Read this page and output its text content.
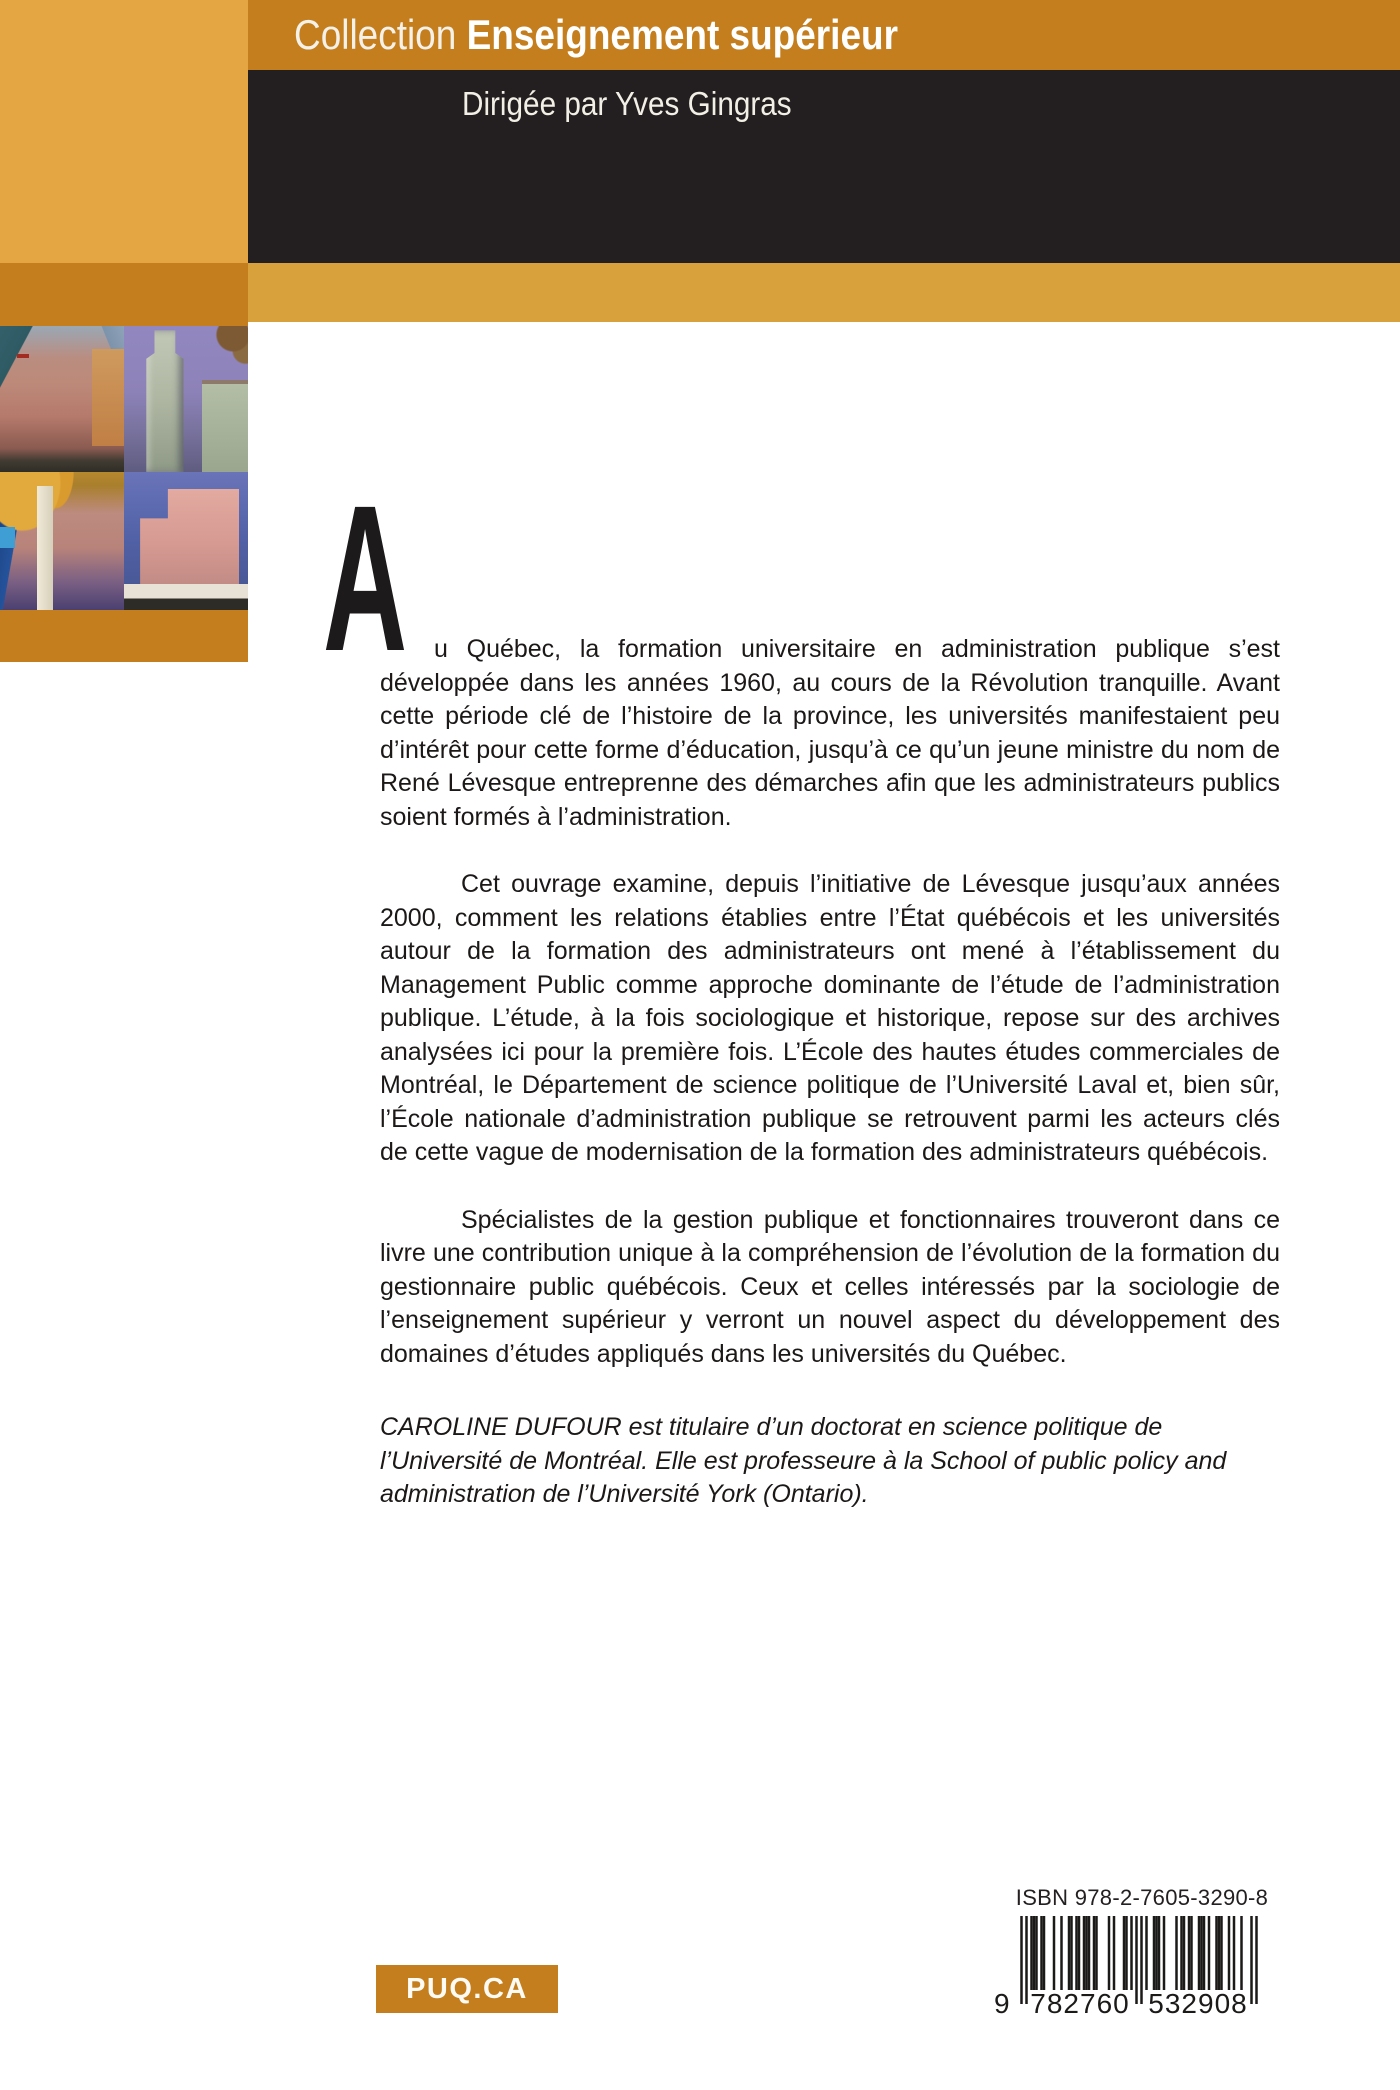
Collection Enseignement supérieur
Dirigée par Yves Gingras
A	u Québec, la formation universitaire en administration publique s’est développée dans les années 1960, au cours de la Révolution tranquille. Avant cette période clé de l’histoire de la province, les universités manifestaient peu d’intérêt pour cette forme d’éducation, jusqu’à ce qu’un jeune ministre du nom de René Lévesque entreprenne des démarches afin que les administrateurs publics soient formés à l’administration.

Cet ouvrage examine, depuis l’initiative de Lévesque jusqu’aux années 2000, comment les relations établies entre l’État québécois et les universités autour de la formation des administrateurs ont mené à l’établissement du Management Public comme approche dominante de l’étude de l’administration publique. L’étude, à la fois sociologique et historique, repose sur des archives analysées ici pour la première fois. L’École des hautes études commerciales de Montréal, le Département de science politique de l’Université Laval et, bien sûr, l’École nationale d’administration publique se retrouvent parmi les acteurs clés de cette vague de modernisation de la formation des administrateurs québécois.

Spécialistes de la gestion publique et fonctionnaires trouveront dans ce livre une contribution unique à la compréhension de l’évolution de la formation du gestionnaire public québécois. Ceux et celles intéressés par la sociologie de l’enseignement supérieur y verront un nouvel aspect du développement des domaines d’études appliqués dans les universités du Québec.

CAROLINE DUFOUR est titulaire d’un doctorat en science politique de l’Université de Montréal. Elle est professeure à la School of public policy and administration de l’Université York (Ontario).

ISBN 978-2-7605-3290-8
9 782760 532908
PUQ.CA
